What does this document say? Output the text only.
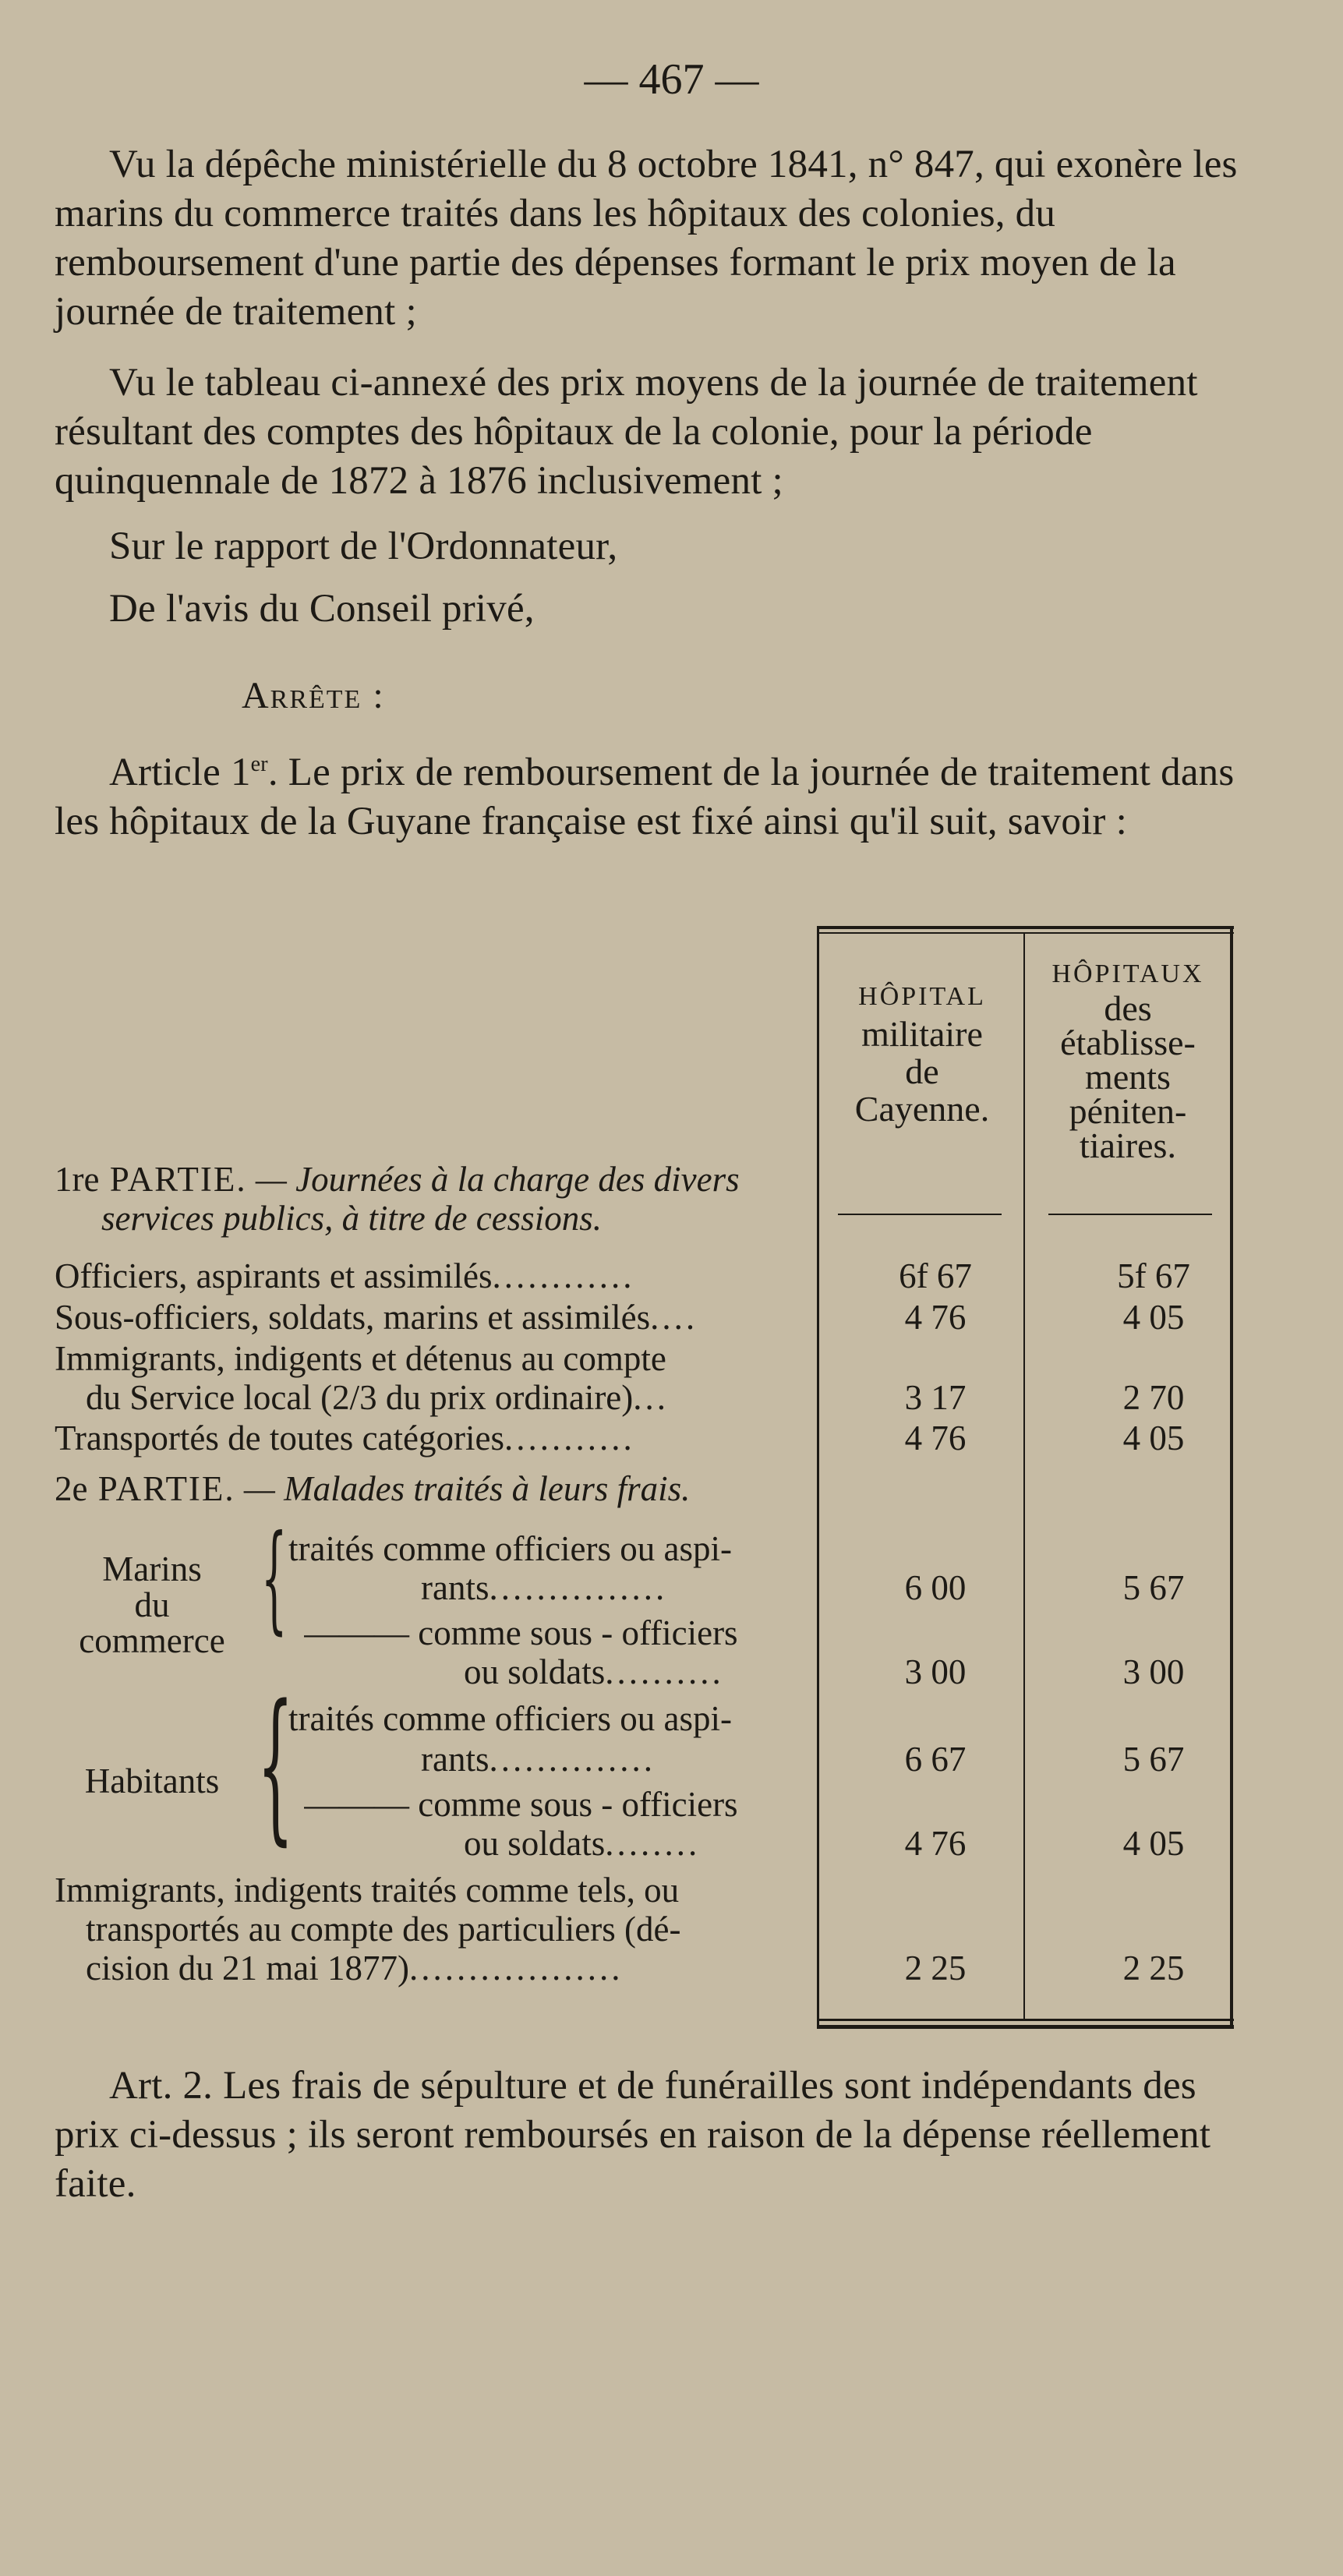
— 467 —
Vu la dépêche ministérielle du 8 octobre 1841, n° 847, qui exonère les marins du commerce traités dans les hôpitaux des colonies, du remboursement d'une partie des dépenses formant le prix moyen de la journée de traitement ;
Vu le tableau ci-annexé des prix moyens de la journée de traitement résultant des comptes des hôpitaux de la colonie, pour la période quinquennale de 1872 à 1876 inclusivement ;
Sur le rapport de l'Ordonnateur,
De l'avis du Conseil privé,
Arrête :
Article 1er. Le prix de remboursement de la journée de traitement dans les hôpitaux de la Guyane française est fixé ainsi qu'il suit, savoir :
HÔPITAL
militaire
de
Cayenne.
HÔPITAUX
des
établisse-
ments
péniten-
tiaires.
1re PARTIE. — Journées à la charge des divers
services publics, à titre de cessions.
Officiers, aspirants et assimilés............	6f 67	5f 67
Sous-officiers, soldats, marins et assimilés....	4 76	4 05
Immigrants, indigents et détenus au compte
du Service local (2/3 du prix ordinaire)...	3 17	2 70
Transportés de toutes catégories...........	4 76	4 05
2e PARTIE. — Malades traités à leurs frais.
Marins
du
commerce { traités comme officiers ou aspi-
rants...............	6 00	5 67
——— comme sous - officiers
ou soldats..........	3 00	3 00
Habitants {
traités comme officiers ou aspi-
rants..............	6 67	5 67
——— comme sous - officiers
ou soldats........	4 76	4 05
Immigrants, indigents traités comme tels, ou
transportés au compte des particuliers (dé-
cision du 21 mai 1877)..................	2 25	2 25
Art. 2. Les frais de sépulture et de funérailles sont indépendants des prix ci-dessus ; ils seront remboursés en raison de la dépense réellement faite.
